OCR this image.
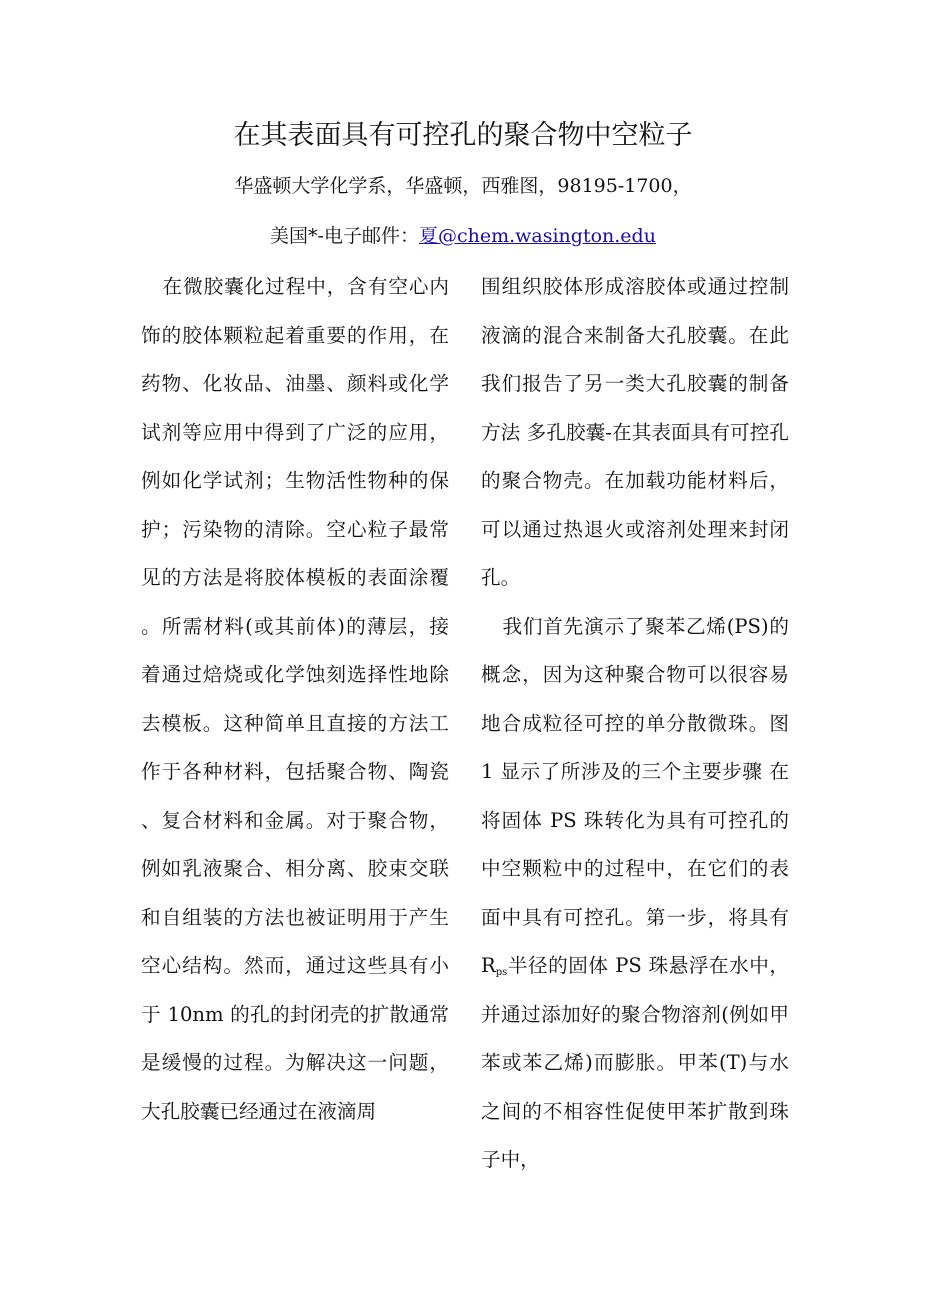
在其表面具有可控孔的聚合物中空粒子

华盛顿大学化学系，华盛顿，西雅图，98195-1700，

美国*-电子邮件：夏@chem.wasington.edu

在微胶囊化过程中，含有空心内饰的胶体颗粒起着重要的作用，在药物、化妆品、油墨、颜料或化学试剂等应用中得到了广泛的应用，例如化学试剂；生物活性物种的保护；污染物的清除。空心粒子最常见的方法是将胶体模板的表面涂覆。所需材料(或其前体)的薄层，接着通过焙烧或化学蚀刻选择性地除去模板。这种简单且直接的方法工作于各种材料，包括聚合物、陶瓷、复合材料和金属。对于聚合物，例如乳液聚合、相分离、胶束交联和自组装的方法也被证明用于产生空心结构。然而，通过这些具有小于 10nm 的孔的封闭壳的扩散通常是缓慢的过程。为解决这一问题，大孔胶囊已经通过在液滴周

围组织胶体形成溶胶体或通过控制液滴的混合来制备大孔胶囊。在此我们报告了另一类大孔胶囊的制备方法 多孔胶囊-在其表面具有可控孔的聚合物壳。在加载功能材料后，可以通过热退火或溶剂处理来封闭孔。

我们首先演示了聚苯乙烯(PS)的概念，因为这种聚合物可以很容易地合成粒径可控的单分散微珠。图 1 显示了所涉及的三个主要步骤 在将固体 PS 珠转化为具有可控孔的中空颗粒中的过程中，在它们的表面中具有可控孔。第一步，将具有 $R_{ps}$半径的固体 PS 珠悬浮在水中，并通过添加好的聚合物溶剂(例如甲苯或苯乙烯)而膨胀。甲苯(T)与水之间的不相容性促使甲苯扩散到珠子中，
